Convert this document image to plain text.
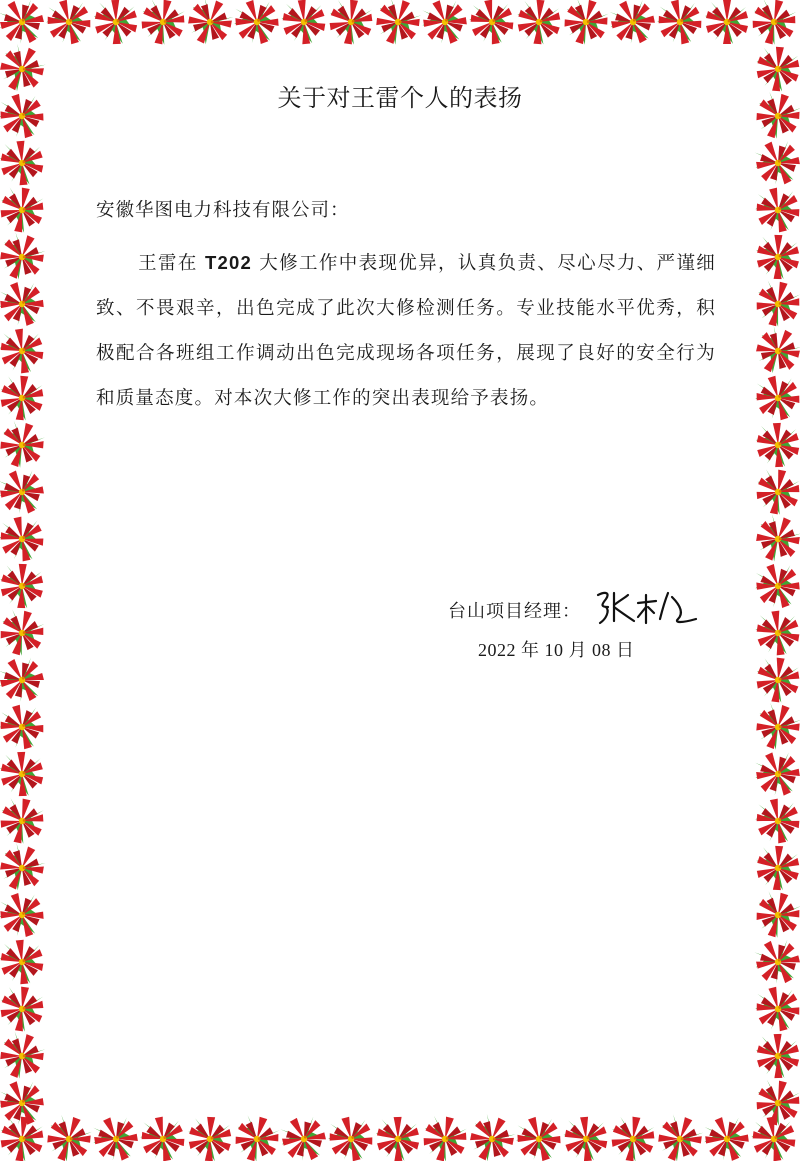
关于对王雷个人的表扬
安徽华图电力科技有限公司：
王雷在 T202 大修工作中表现优异，认真负责、尽心尽力、严谨细致、不畏艰辛，出色完成了此次大修检测任务。专业技能水平优秀，积极配合各班组工作调动出色完成现场各项任务，展现了良好的安全行为和质量态度。对本次大修工作的突出表现给予表扬。
台山项目经理：
2022 年 10 月 08 日
